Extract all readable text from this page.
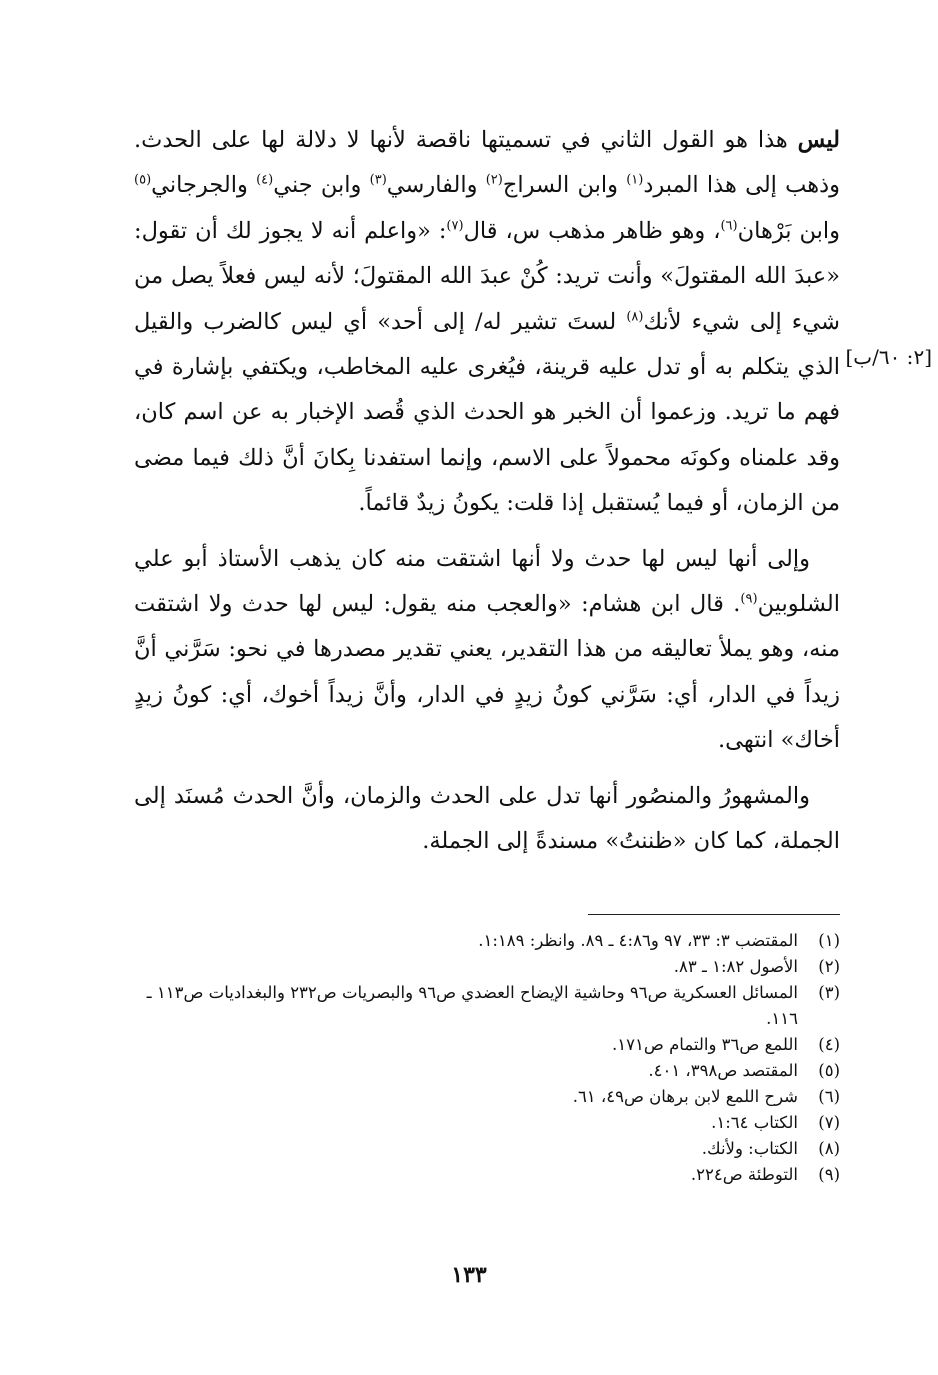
ليس هذا هو القول الثاني في تسميتها ناقصة لأنها لا دلالة لها على الحدث. وذهب إلى هذا المبرد$^{(١)}$ وابن السراج$^{(٢)}$ والفارسي$^{(٣)}$ وابن جني$^{(٤)}$ والجرجاني$^{(٥)}$ وابن بَرْهان$^{(٦)}$، وهو ظاهر مذهب س، قال$^{(٧)}$: «واعلم أنه لا يجوز لك أن تقول: «عبدَ الله المقتولَ» وأنت تريد: كُنْ عبدَ الله المقتولَ؛ لأنه ليس فعلاً يصل من شيء إلى شيء لأنك$^{(٨)}$ لستَ تشير له/ إلى أحد» أي ليس كالضرب والقيل الذي يتكلم به أو تدل عليه قرينة، فيُغرى عليه المخاطب، ويكتفي بإشارة في فهم ما تريد. وزعموا أن الخبر هو الحدث الذي قُصد الإخبار به عن اسم كان، وقد علمناه وكونَه محمولاً على الاسم، وإنما استفدنا بِكانَ أنَّ ذلك فيما مضى من الزمان، أو فيما يُستقبل إذا قلت: يكونُ زيدٌ قائماً.

وإلى أنها ليس لها حدث ولا أنها اشتقت منه كان يذهب الأستاذ أبو علي الشلوبين$^{(٩)}$. قال ابن هشام: «والعجب منه يقول: ليس لها حدث ولا اشتقت منه، وهو يملأ تعاليقه من هذا التقدير، يعني تقدير مصدرها في نحو: سَرَّني أنَّ زيداً في الدار، أي: سَرَّني كونُ زيدٍ في الدار، وأنَّ زيداً أخوك، أي: كونُ زيدٍ أخاك» انتهى.

والمشهورُ والمنصُور أنها تدل على الحدث والزمان، وأنَّ الحدث مُسنَد إلى الجملة، كما كان «ظننتُ» مسندةً إلى الجملة.

[٢: ٦٠/ب]
(١)
المقتضب ٣: ٣٣، ٩٧ و٤:٨٦ ـ ٨٩. وانظر: ١:١٨٩.
(٢)
الأصول ١:٨٢ ـ ٨٣.
(٣)
المسائل العسكرية ص٩٦ وحاشية الإيضاح العضدي ص٩٦ والبصريات ص٢٣٢ والبغداديات ص١١٣ ـ ١١٦.
(٤)
اللمع ص٣٦ والتمام ص١٧١.
(٥)
المقتصد ص٣٩٨، ٤٠١.
(٦)
شرح اللمع لابن برهان ص٤٩، ٦١.
(٧)
الكتاب ١:٦٤.
(٨)
الكتاب: ولأنك.
(٩)
التوطئة ص٢٢٤.
١٣٣
